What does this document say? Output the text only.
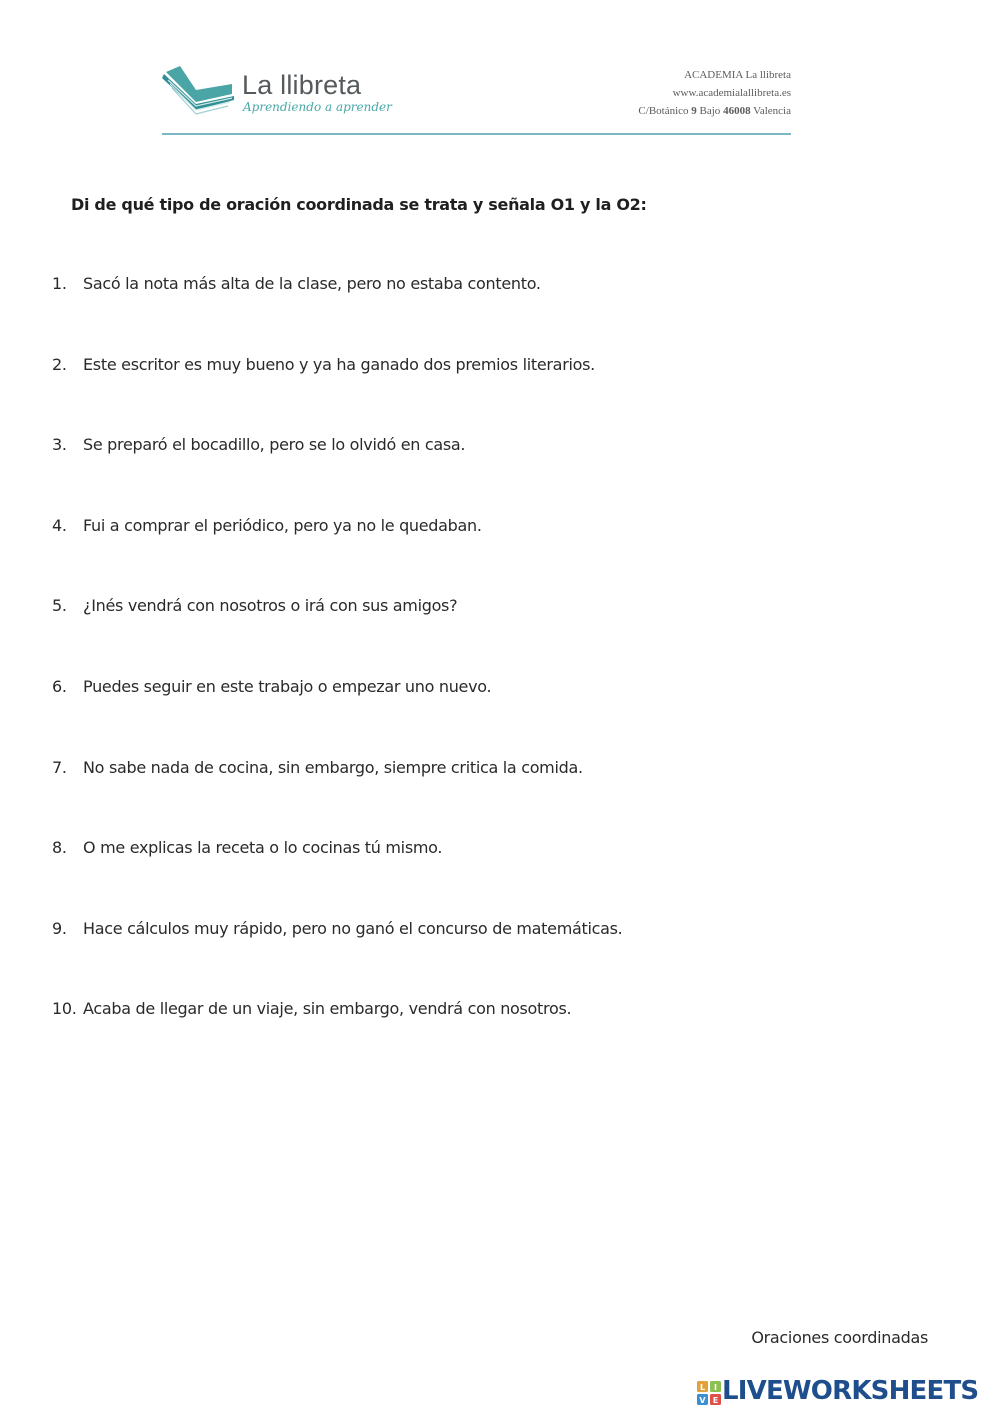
La llibreta
Aprendiendo a aprender
ACADEMIA La llibreta
www.academialallibreta.es
C/Botánico 9 Bajo 46008 Valencia
Di de qué tipo de oración coordinada se trata y señala O1 y la O2:
1. Sacó la nota más alta de la clase, pero no estaba contento.
2. Este escritor es muy bueno y ya ha ganado dos premios literarios.
3. Se preparó el bocadillo, pero se lo olvidó en casa.
4. Fui a comprar el periódico, pero ya no le quedaban.
5. ¿Inés vendrá con nosotros o irá con sus amigos?
6. Puedes seguir en este trabajo o empezar uno nuevo.
7. No sabe nada de cocina, sin embargo, siempre critica la comida.
8. O me explicas la receta o lo cocinas tú mismo.
9. Hace cálculos muy rápido, pero no ganó el concurso de matemáticas.
10. Acaba de llegar de un viaje, sin embargo, vendrá con nosotros.
Oraciones coordinadas
L I
V E LIVEWORKSHEETS
